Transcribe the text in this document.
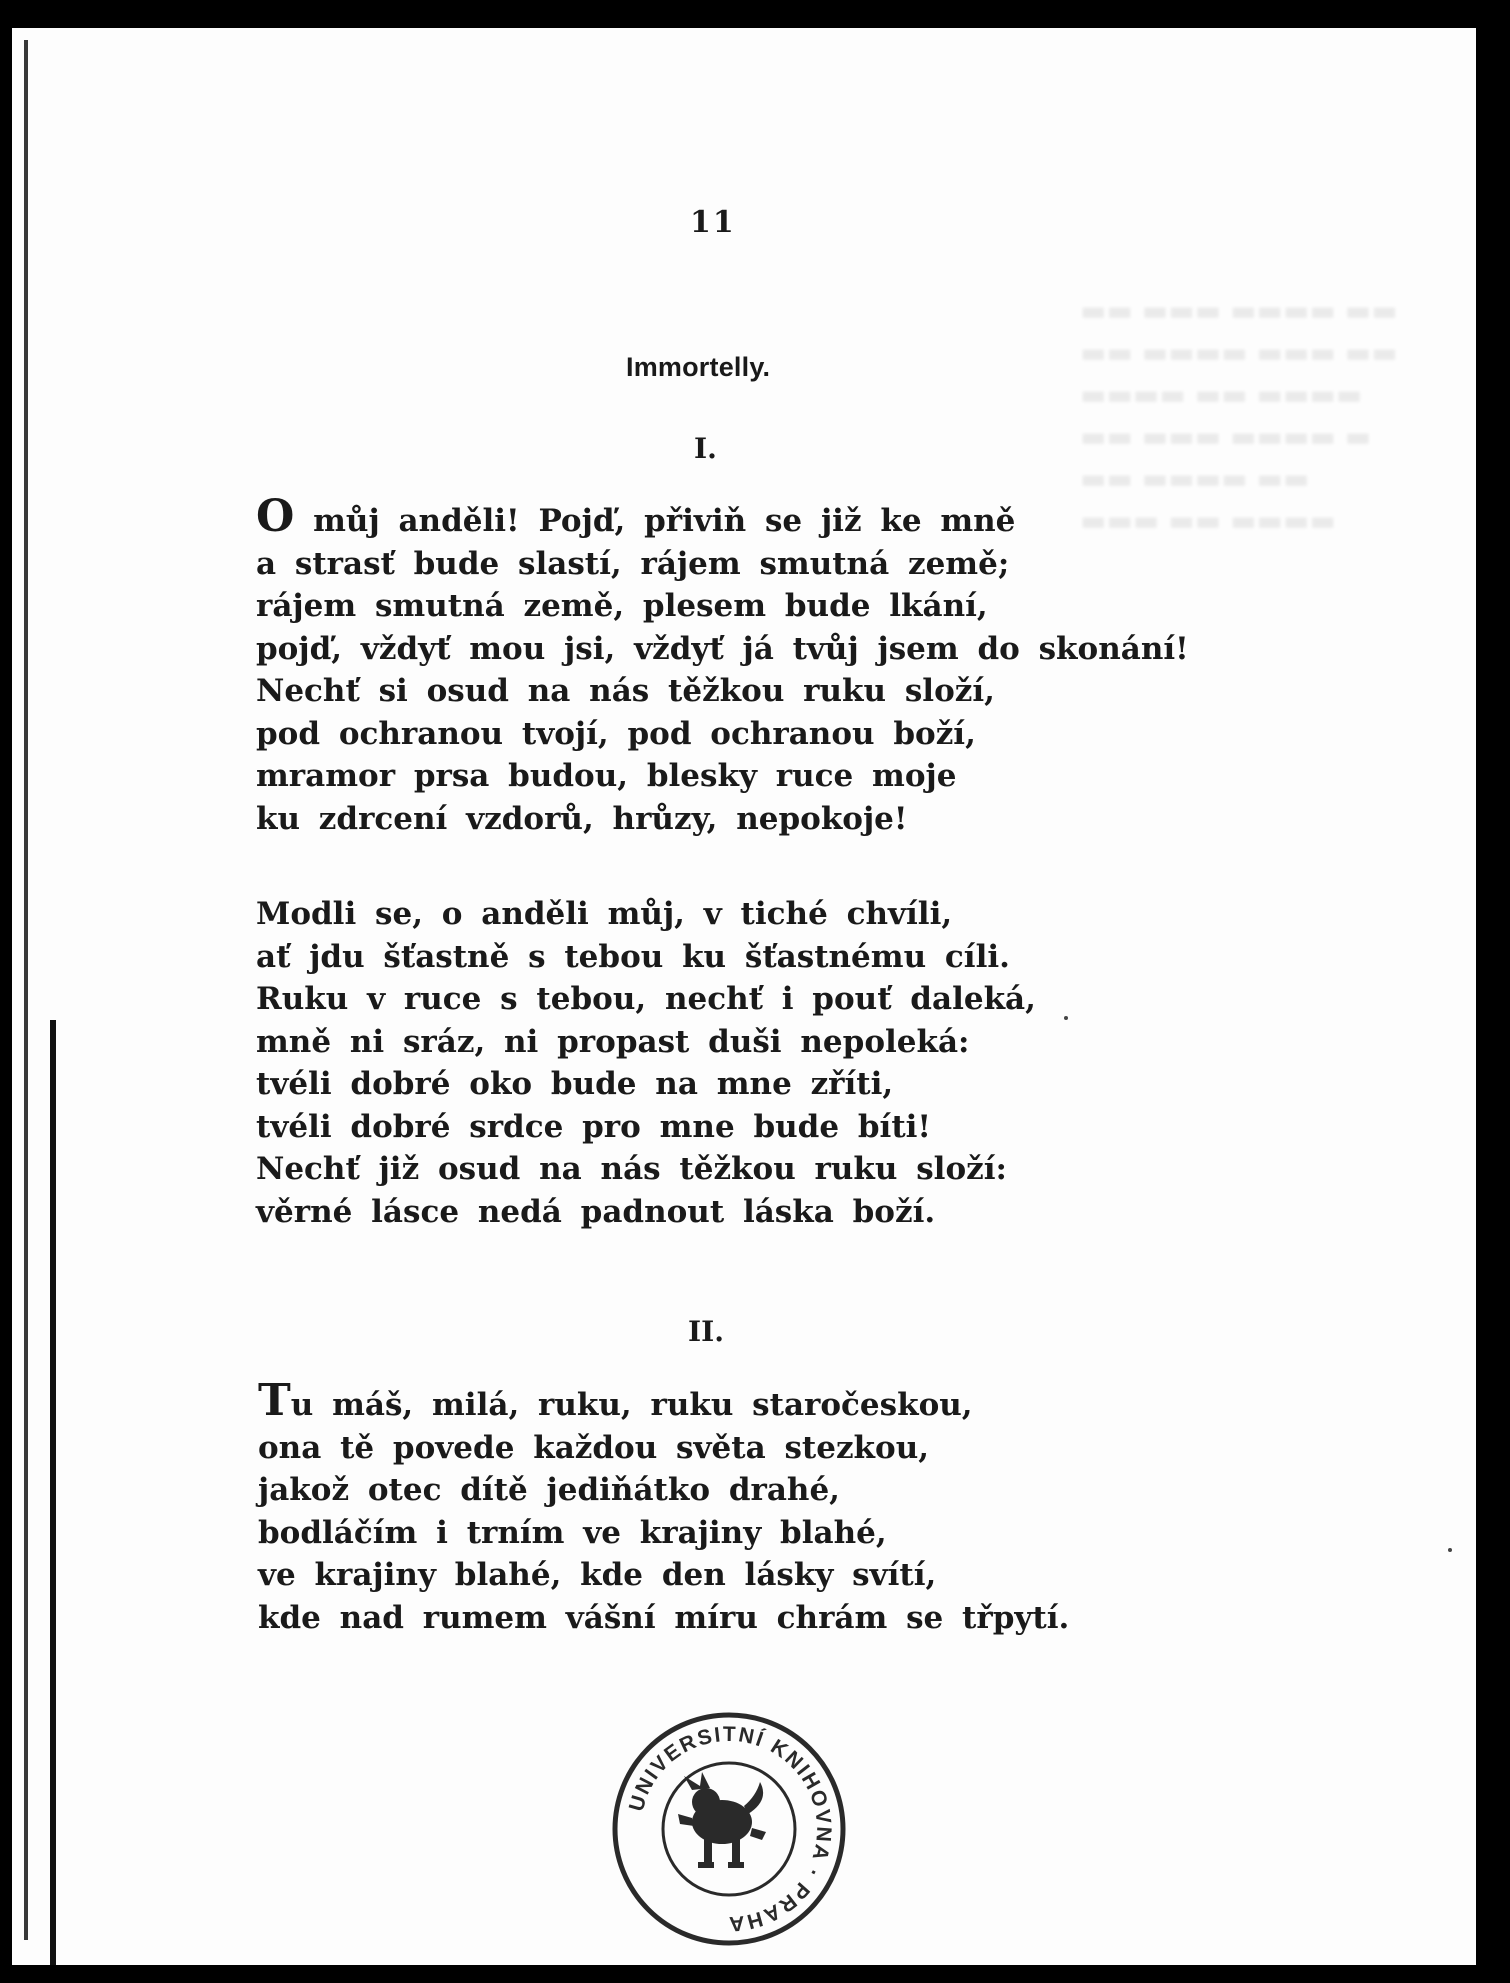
▬▬ ▬▬▬ ▬▬▬▬ ▬▬
▬▬ ▬▬▬▬ ▬▬▬ ▬▬
▬▬▬▬ ▬▬ ▬▬▬▬
▬▬ ▬▬▬ ▬▬▬▬ ▬
▬▬ ▬▬▬▬ ▬▬
▬▬▬ ▬▬ ▬▬▬▬
11
Immortelly.
I.
O můj anděli! Pojď, přiviň se již ke mně
a strasť bude slastí, rájem smutná země;
rájem smutná země, plesem bude lkání,
pojď, vždyť mou jsi, vždyť já tvůj jsem do skonání!
Nechť si osud na nás těžkou ruku složí,
pod ochranou tvojí, pod ochranou boží,
mramor prsa budou, blesky ruce moje
ku zdrcení vzdorů, hrůzy, nepokoje!
Modli se, o anděli můj, v tiché chvíli,
ať jdu šťastně s tebou ku šťastnému cíli.
Ruku v ruce s tebou, nechť i pouť daleká,
mně ni sráz, ni propast duši nepoleká:
tvéli dobré oko bude na mne zříti,
tvéli dobré srdce pro mne bude bíti!
Nechť již osud na nás těžkou ruku složí:
věrné lásce nedá padnout láska boží.
II.
Tu máš, milá, ruku, ruku staročeskou,
ona tě povede každou světa stezkou,
jakož otec dítě jediňátko drahé,
bodláčím i trním ve krajiny blahé,
ve krajiny blahé, kde den lásky svítí,
kde nad rumem vášní míru chrám se třpytí.
UNIVERSITNÍ KNIHOVNA · PRAHA
